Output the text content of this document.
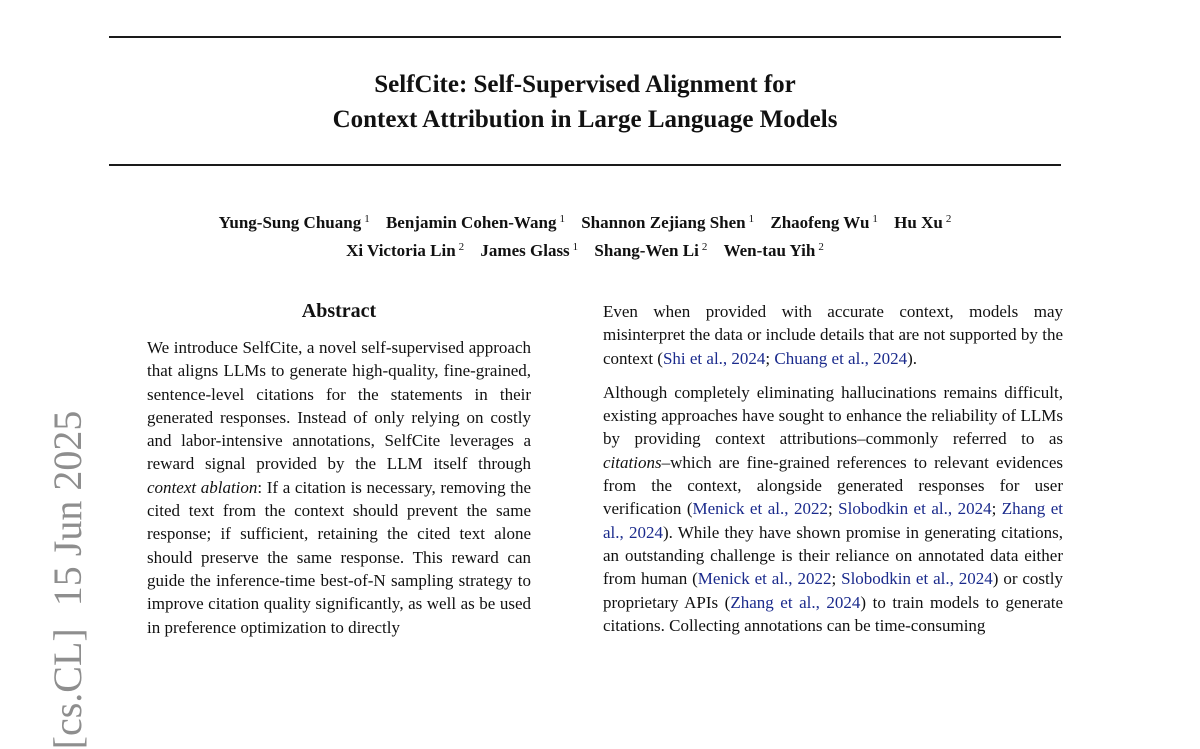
SelfCite: Self-Supervised Alignment for
Context Attribution in Large Language Models
Yung-Sung Chuang $^1$ Benjamin Cohen-Wang $^1$ Shannon Zejiang Shen $^1$ Zhaofeng Wu $^1$ Hu Xu $^2$
Xi Victoria Lin $^2$ James Glass $^1$ Shang-Wen Li $^2$ Wen-tau Yih $^2$
[cs.CL]15 Jun 2025
Abstract
We introduce SelfCite, a novel self-supervised approach that aligns LLMs to generate high-quality, fine-grained, sentence-level citations for the statements in their generated responses. Instead of only relying on costly and labor-intensive annotations, SelfCite leverages a reward signal provided by the LLM itself through context ablation: If a citation is necessary, removing the cited text from the context should prevent the same response; if sufficient, retaining the cited text alone should preserve the same response. This reward can guide the inference-time best-of-N sampling strategy to improve citation quality significantly, as well as be used in preference optimization to directly

Even when provided with accurate context, models may misinterpret the data or include details that are not supported by the context (Shi et al., 2024; Chuang et al., 2024).

Although completely eliminating hallucinations remains difficult, existing approaches have sought to enhance the reliability of LLMs by providing context attributions–commonly referred to as citations–which are fine-grained references to relevant evidences from the context, alongside generated responses for user verification (Menick et al., 2022; Slobodkin et al., 2024; Zhang et al., 2024). While they have shown promise in generating citations, an outstanding challenge is their reliance on annotated data either from human (Menick et al., 2022; Slobodkin et al., 2024) or costly proprietary APIs (Zhang et al., 2024) to train models to generate citations. Collecting annotations can be time-consuming
